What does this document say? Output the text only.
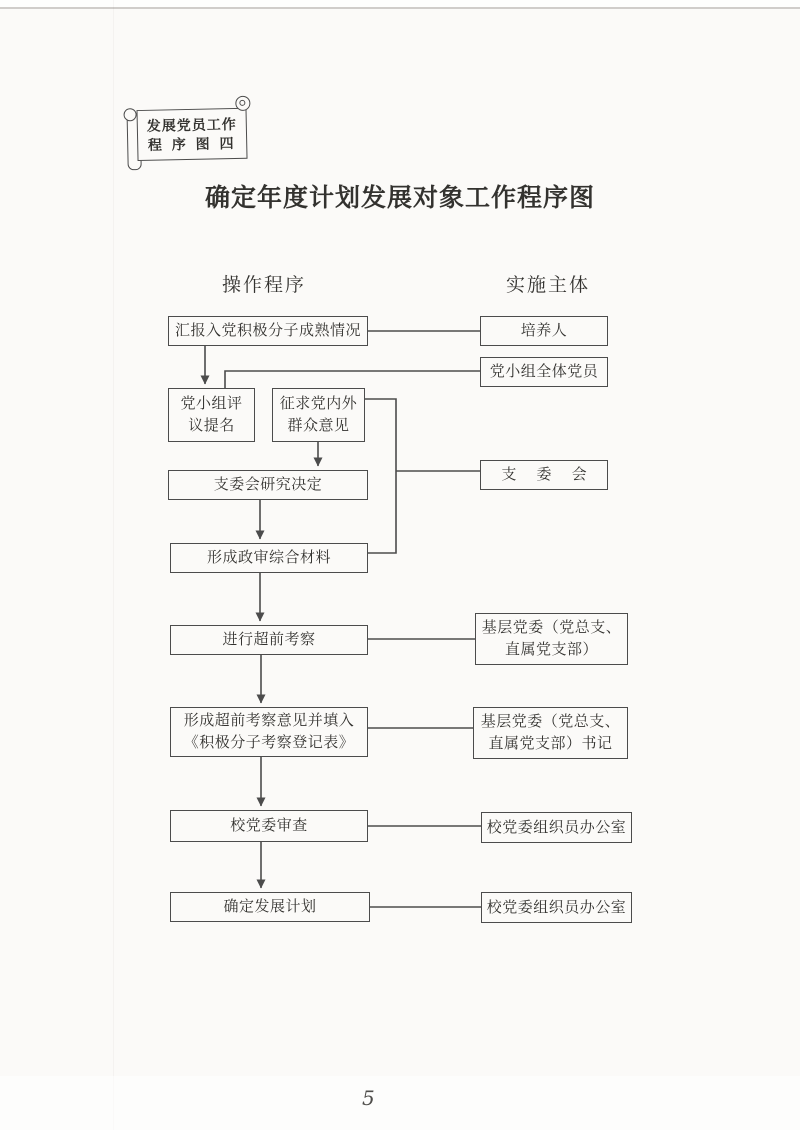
发展党员工作
程 序 图 四
确定年度计划发展对象工作程序图
操作程序	实施主体
汇报入党积极分子成熟情况
党小组评
议提名
征求党内外
群众意见
支委会研究决定
形成政审综合材料
进行超前考察
形成超前考察意见并填入
《积极分子考察登记表》
校党委审查
确定发展计划
培养人
党小组全体党员
支 委 会
基层党委（党总支、
直属党支部）
基层党委（党总支、
直属党支部）书记
校党委组织员办公室
校党委组织员办公室
5
